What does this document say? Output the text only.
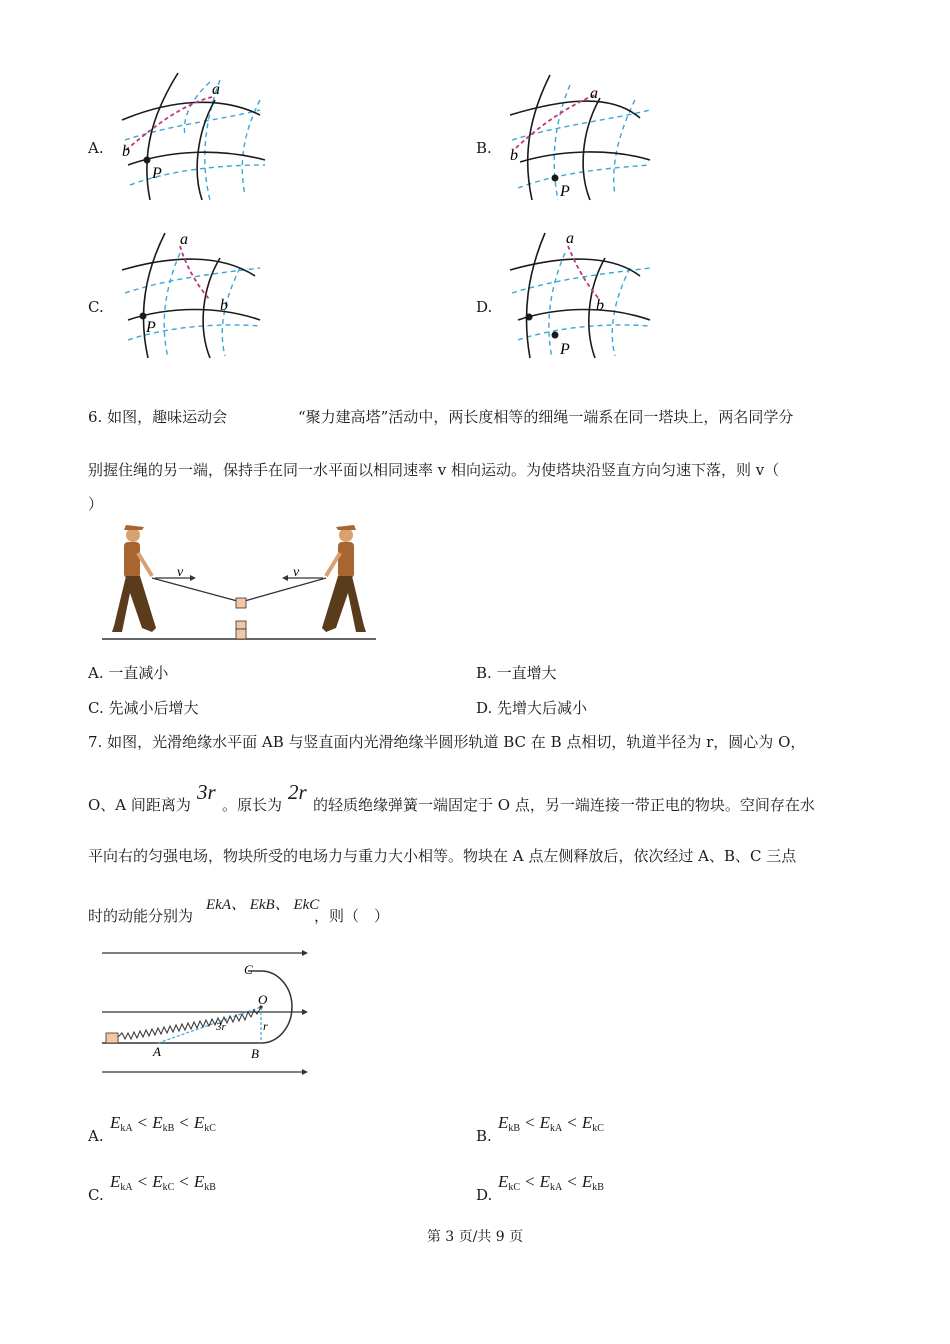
A.
a
b
P
B.
a
b
P
C.
a
b
P
D.
a
b
P
6. 如图，趣味运动会	“聚力建高塔”活动中，两长度相等的细绳一端系在同一塔块上，两名同学分
别握住绳的另一端，保持手在同一水平面以相同速率 v 相向运动。为使塔块沿竖直方向匀速下落，则 v（
）
v	v
A. 一直减小	B. 一直增大
C. 先减小后增大	D. 先增大后减小
7. 如图，光滑绝缘水平面 AB 与竖直面内光滑绝缘半圆形轨道 BC 在 B 点相切，轨道半径为 r，圆心为 O，
O、A 间距离为
3r
。原长为
2r
的轻质绝缘弹簧一端固定于 O 点，另一端连接一带正电的物块。空间存在水
平向右的匀强电场，物块所受的电场力与重力大小相等。物块在 A 点左侧释放后，依次经过 A、B、C 三点
时的动能分别为
EkA、 EkB、 EkC
，则（　）
C
O
A	B
r
3r
A.
$E_{kA} < E_{kB} < E_{kC}$	B.
$E_{kB} < E_{kA} < E_{kC}$
C.
$E_{kA} < E_{kC} < E_{kB}$	D.
$E_{kC} < E_{kA} < E_{kB}$
第 3 页/共 9 页
